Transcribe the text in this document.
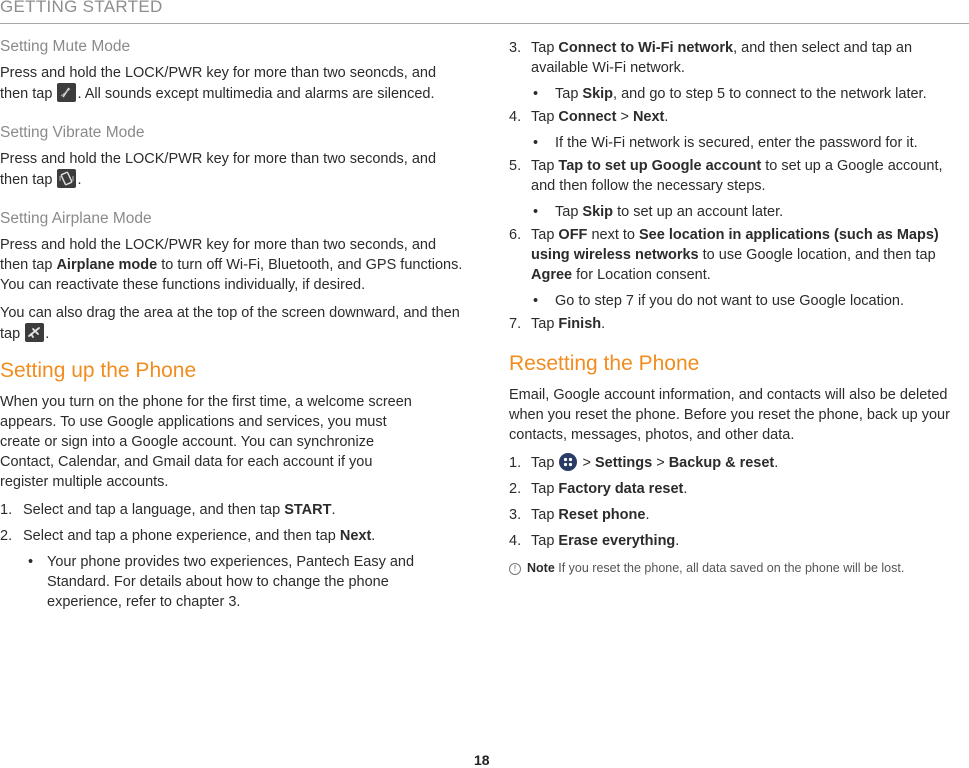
GETTING STARTED
Setting Mute Mode

Press and hold the LOCK/PWR key for more than two seoncds, and then tap . All sounds except multimedia and alarms are silenced.

Setting Vibrate Mode

Press and hold the LOCK/PWR key for more than two seconds, and then tap .

Setting Airplane Mode

Press and hold the LOCK/PWR key for more than two seconds, and then tap Airplane mode to turn off Wi-Fi, Bluetooth, and GPS functions. You can reactivate these functions individually, if desired.

You can also drag the area at the top of the screen downward, and then tap .

Setting up the Phone

When you turn on the phone for the first time, a welcome screen appears. To use Google applications and services, you must create or sign into a Google account. You can synchronize Contact, Calendar, and Gmail data for each account if you register multiple accounts.

1. Select and tap a language, and then tap START.
2. Select and tap a phone experience, and then tap Next.
• Your phone provides two experiences, Pantech Easy and Standard. For details about how to change the phone experience, refer to chapter 3.
3. Tap Connect to Wi-Fi network, and then select and tap an available Wi-Fi network.
• Tap Skip, and go to step 5 to connect to the network later.
4. Tap Connect > Next.
• If the Wi-Fi network is secured, enter the password for it.
5. Tap Tap to set up Google account to set up a Google account, and then follow the necessary steps.
• Tap Skip to set up an account later.
6. Tap OFF next to See location in applications (such as Maps) using wireless networks to use Google location, and then tap Agree for Location consent.
• Go to step 7 if you do not want to use Google location.
7. Tap Finish.
Resetting the Phone

Email, Google account information, and contacts will also be deleted when you reset the phone. Before you reset the phone, back up your contacts, messages, photos, and other data.

1. Tap > Settings > Backup & reset.
2. Tap Factory data reset.
3. Tap Reset phone.
4. Tap Erase everything.
! Note If you reset the phone, all data saved on the phone will be lost.
18
